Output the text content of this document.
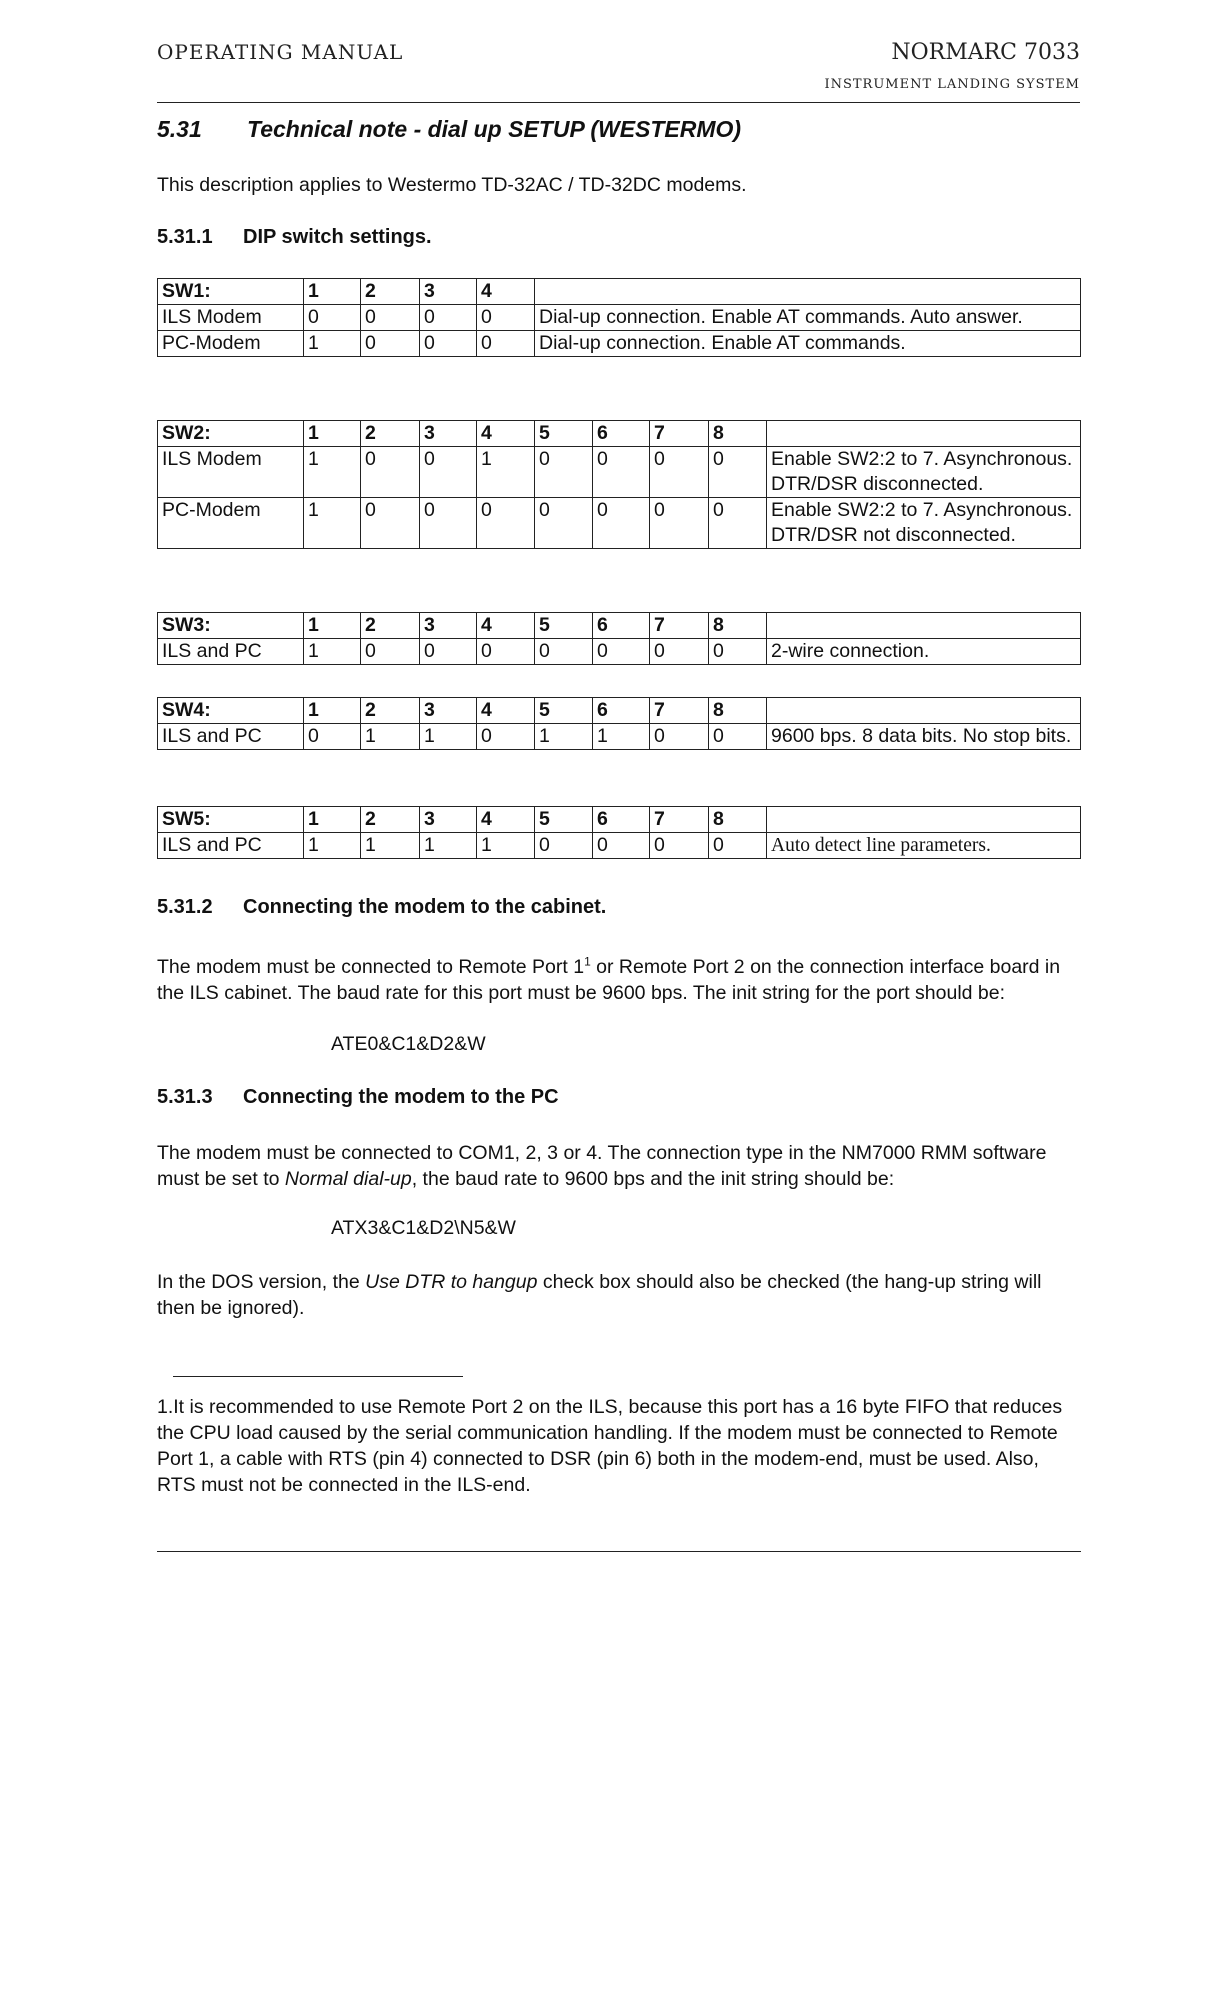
OPERATING MANUAL	NORMARC 7033
INSTRUMENT LANDING SYSTEM
5.31 Technical note - dial up SETUP (WESTERMO)
This description applies to Westermo TD-32AC / TD-32DC modems.
5.31.1 DIP switch settings.
SW1:	1	2	3	4	
ILS Modem	0	0	0	0	Dial-up connection. Enable AT commands. Auto answer.
PC-Modem	1	0	0	0	Dial-up connection. Enable AT commands.
SW2:	1	2	3	4	5	6	7	8	
ILS Modem	1	0	0	1	0	0	0	0	Enable SW2:2 to 7. Asynchronous. DTR/DSR disconnected.
PC-Modem	1	0	0	0	0	0	0	0	Enable SW2:2 to 7. Asynchronous. DTR/DSR not disconnected.
SW3:	1	2	3	4	5	6	7	8	
ILS and PC	1	0	0	0	0	0	0	0	2-wire connection.
SW4:	1	2	3	4	5	6	7	8	
ILS and PC	0	1	1	0	1	1	0	0	9600 bps. 8 data bits. No stop bits.
SW5:	1	2	3	4	5	6	7	8	
ILS and PC	1	1	1	1	0	0	0	0	Auto detect line parameters.
5.31.2 Connecting the modem to the cabinet.
The modem must be connected to Remote Port $1^1$ or Remote Port 2 on the connection interface board in the ILS cabinet. The baud rate for this port must be 9600 bps. The init string for the port should be:
ATE0&C1&D2&W
5.31.3 Connecting the modem to the PC
The modem must be connected to COM1, 2, 3 or 4. The connection type in the NM7000 RMM software must be set to Normal dial-up, the baud rate to 9600 bps and the init string should be:
ATX3&C1&D2\N5&W
In the DOS version, the Use DTR to hangup check box should also be checked (the hang-up string will then be ignored).
1.It is recommended to use Remote Port 2 on the ILS, because this port has a 16 byte FIFO that reduces the CPU load caused by the serial communication handling. If the modem must be connected to Remote Port 1, a cable with RTS (pin 4) connected to DSR (pin 6) both in the modem-end, must be used. Also, RTS must not be connected in the ILS-end.
